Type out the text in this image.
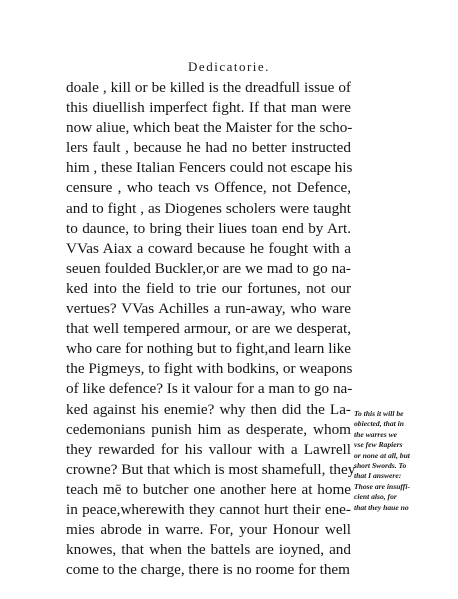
Dedicatorie.
doale , kill or be killed is the dreadfull issue of
this diuellish imperfect fight. If that man were
now aliue, which beat the Maister for the scho-
lers fault , because he had no better instructed
him , these Italian Fencers could not escape his
censure , who teach vs Offence, not Defence,
and to fight , as Diogenes scholers were taught
to daunce, to bring their liues toan end by Art.
VVas Aiax a coward because he fought with a
seuen foulded Buckler,or are we mad to go na-
ked into the field to trie our fortunes, not our
vertues? VVas Achilles a run-away, who ware
that well tempered armour, or are we desperat,
who care for nothing but to fight,and learn like
the Pigmeys, to fight with bodkins, or weapons
of like defence? Is it valour for a man to go na-
ked against his enemie? why then did the La-
cedemonians punish him as desperate, whom
they rewarded for his vallour with a Lawrell
crowne? But that which is most shamefull, they
teach mē to butcher one another here at home
in peace,wherewith they cannot hurt their ene-
mies abrode in warre. For, your Honour well
knowes, that when the battels are ioyned, and
come to the charge, there is no roome for them
To this it will be
obiected, that in
the warres we
vse few Rapiers
or none at all, but
short Swords. To
that I answere:
Those are insuffi-
cient also, for
that they haue no
